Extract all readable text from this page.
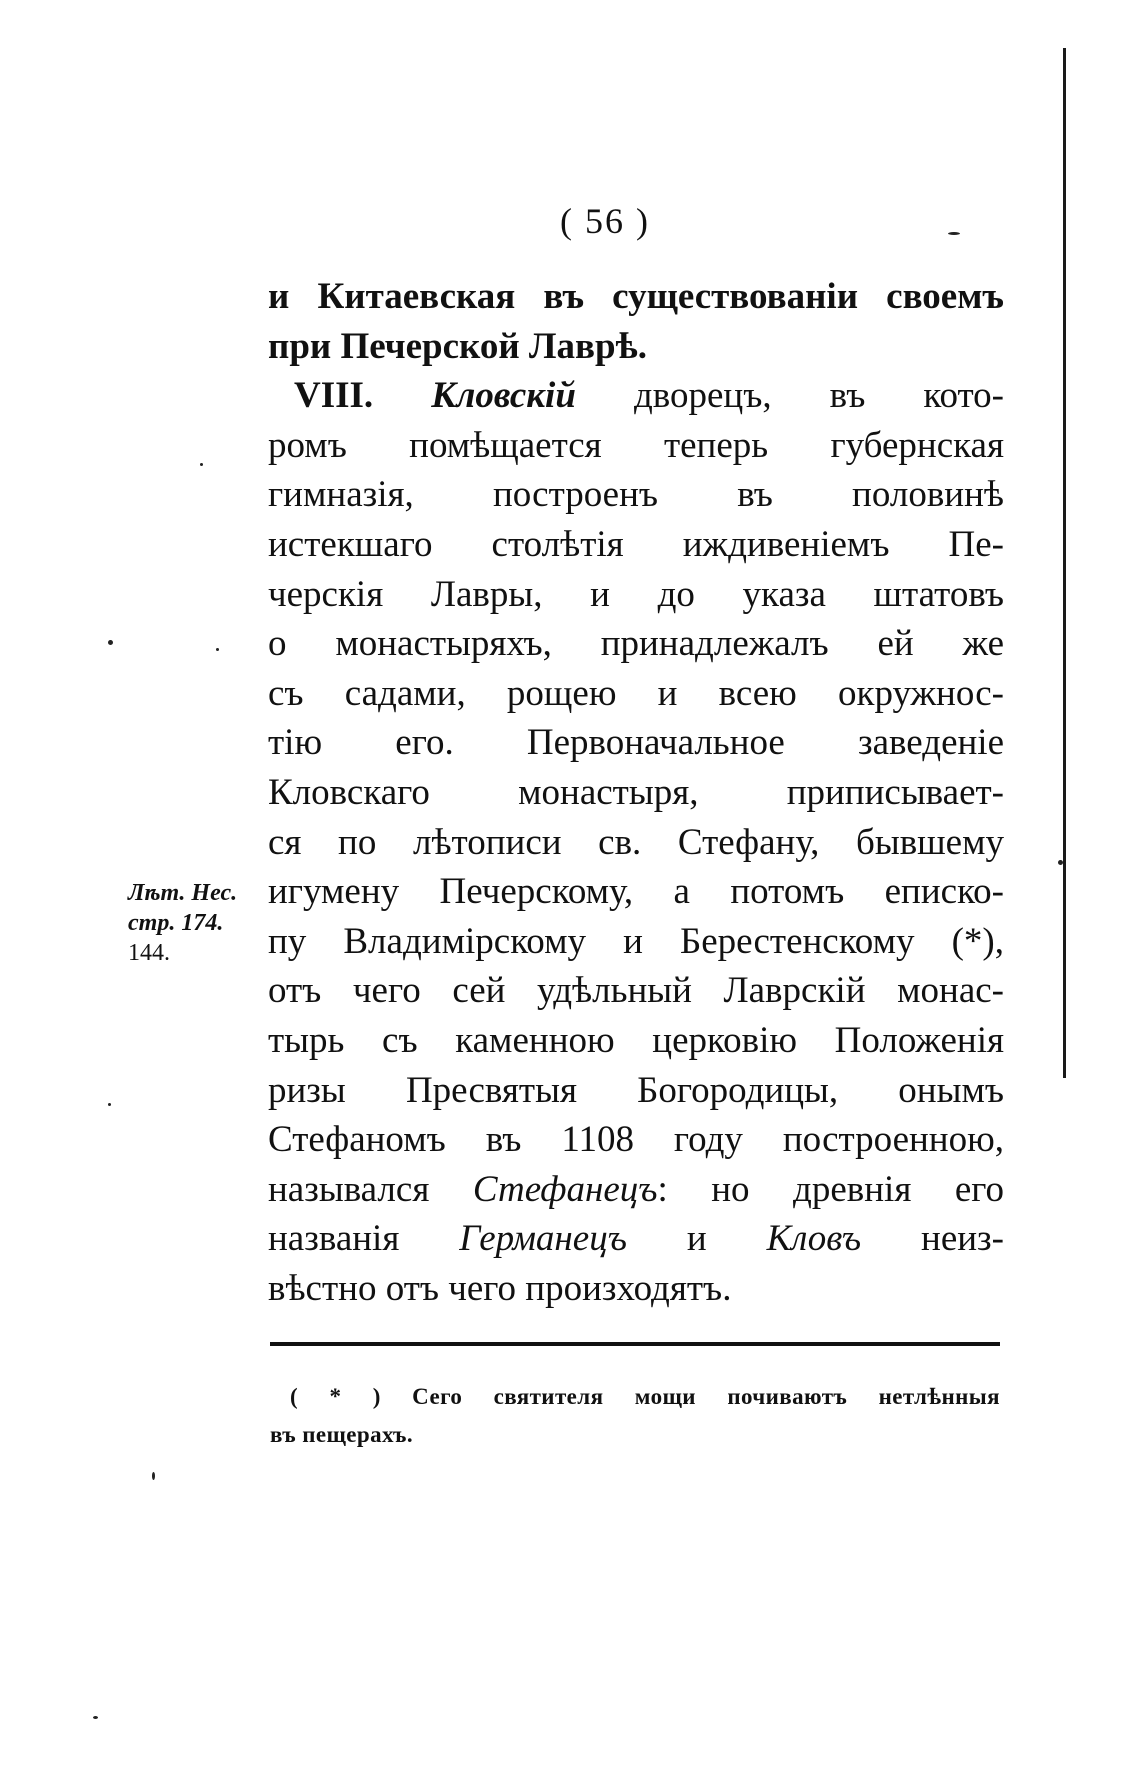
( 56 )
Лѣт. Нес.
стр. 174.
144.
и Китаевская въ существованіи своемъ
при Печерской Лаврѣ.
VIII. Кловскій дворецъ, въ кото-
ромъ помѣщается теперь губернская
гимназія, построенъ въ половинѣ
истекшаго столѣтія иждивенiемъ Пе-
черскія Лавры, и до указа штатовъ
о монастыряхъ, принадлежалъ ей же
съ садами, рощею и всею окружнос-
тію его. Первоначальное заведенiе
Кловскаго монастыря, приписывает-
ся по лѣтописи св. Стефану, бывшему
игумену Печерскому, а потомъ еписко-
пу Владимірскому и Берестенскому (*),
отъ чего сей удѣльный Лаврскій монас-
тырь съ каменною церковію Положенія
ризы Пресвятыя Богородицы, онымъ
Стефаномъ въ 1108 году построенною,
назывался Стефанецъ: но древнія его
названія Германецъ и Кловъ неиз-
вѣстно отъ чего произходятъ.
( * ) Сего святителя мощи почиваютъ нетлѣнныя
въ пещерахъ.
